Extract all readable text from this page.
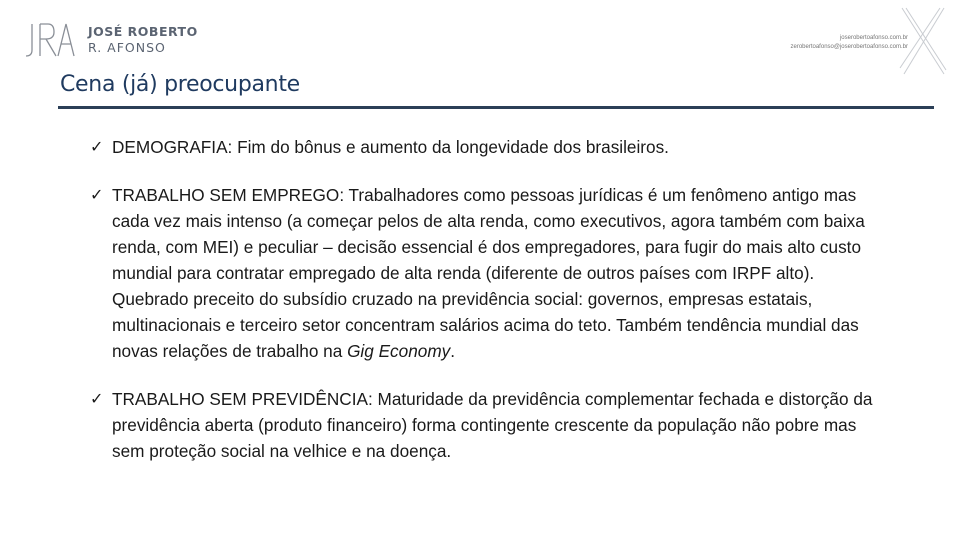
JOSÉ ROBERTO
R. AFONSO
joserobertoafonso.com.br
zerobertoafonso@joserobertoafonso.com.br
Cena (já) preocupante
✓ DEMOGRAFIA: Fim do bônus e aumento da longevidade dos brasileiros.
✓ TRABALHO SEM EMPREGO: Trabalhadores como pessoas jurídicas é um fenômeno antigo mas cada vez mais intenso (a começar pelos de alta renda, como executivos, agora também com baixa renda, com MEI) e peculiar – decisão essencial é dos empregadores, para fugir do mais alto custo mundial para contratar empregado de alta renda (diferente de outros países com IRPF alto). Quebrado preceito do subsídio cruzado na previdência social: governos, empresas estatais, multinacionais e terceiro setor concentram salários acima do teto. Também tendência mundial das novas relações de trabalho na Gig Economy.
✓ TRABALHO SEM PREVIDÊNCIA: Maturidade da previdência complementar fechada e distorção da previdência aberta (produto financeiro) forma contingente crescente da população não pobre mas sem proteção social na velhice e na doença.
